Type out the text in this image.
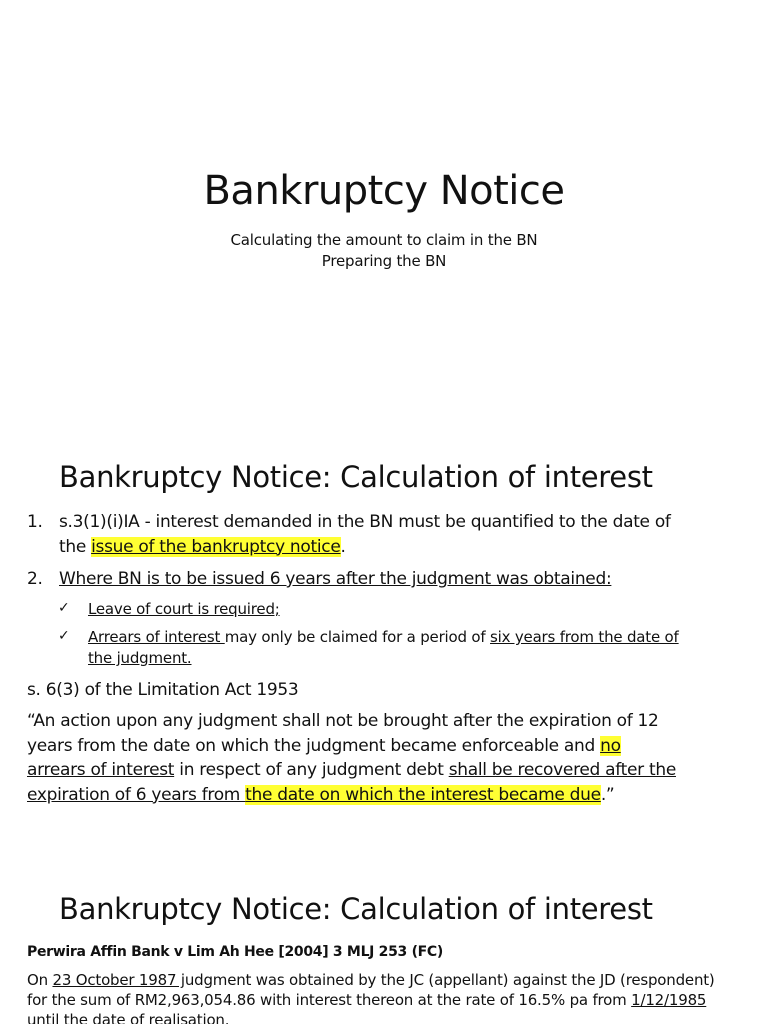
Bankruptcy Notice
Calculating the amount to claim in the BN
Preparing the BN
Bankruptcy Notice: Calculation of interest
1. s.3(1)(i)IA - interest demanded in the BN must be quantified to the date of
the issue of the bankruptcy notice.
2. Where BN is to be issued 6 years after the judgment was obtained:
✓ Leave of court is required;
✓ Arrears of interest may only be claimed for a period of six years from the date of
the judgment.
s. 6(3) of the Limitation Act 1953
“An action upon any judgment shall not be brought after the expiration of 12
years from the date on which the judgment became enforceable and no
arrears of interest in respect of any judgment debt shall be recovered after the
expiration of 6 years from the date on which the interest became due.”
Bankruptcy Notice: Calculation of interest
Perwira Affin Bank v Lim Ah Hee [2004] 3 MLJ 253 (FC)
On 23 October 1987 judgment was obtained by the JC (appellant) against the JD (respondent)
for the sum of RM2,963,054.86 with interest thereon at the rate of 16.5% pa from 1/12/1985
until the date of realisation.
